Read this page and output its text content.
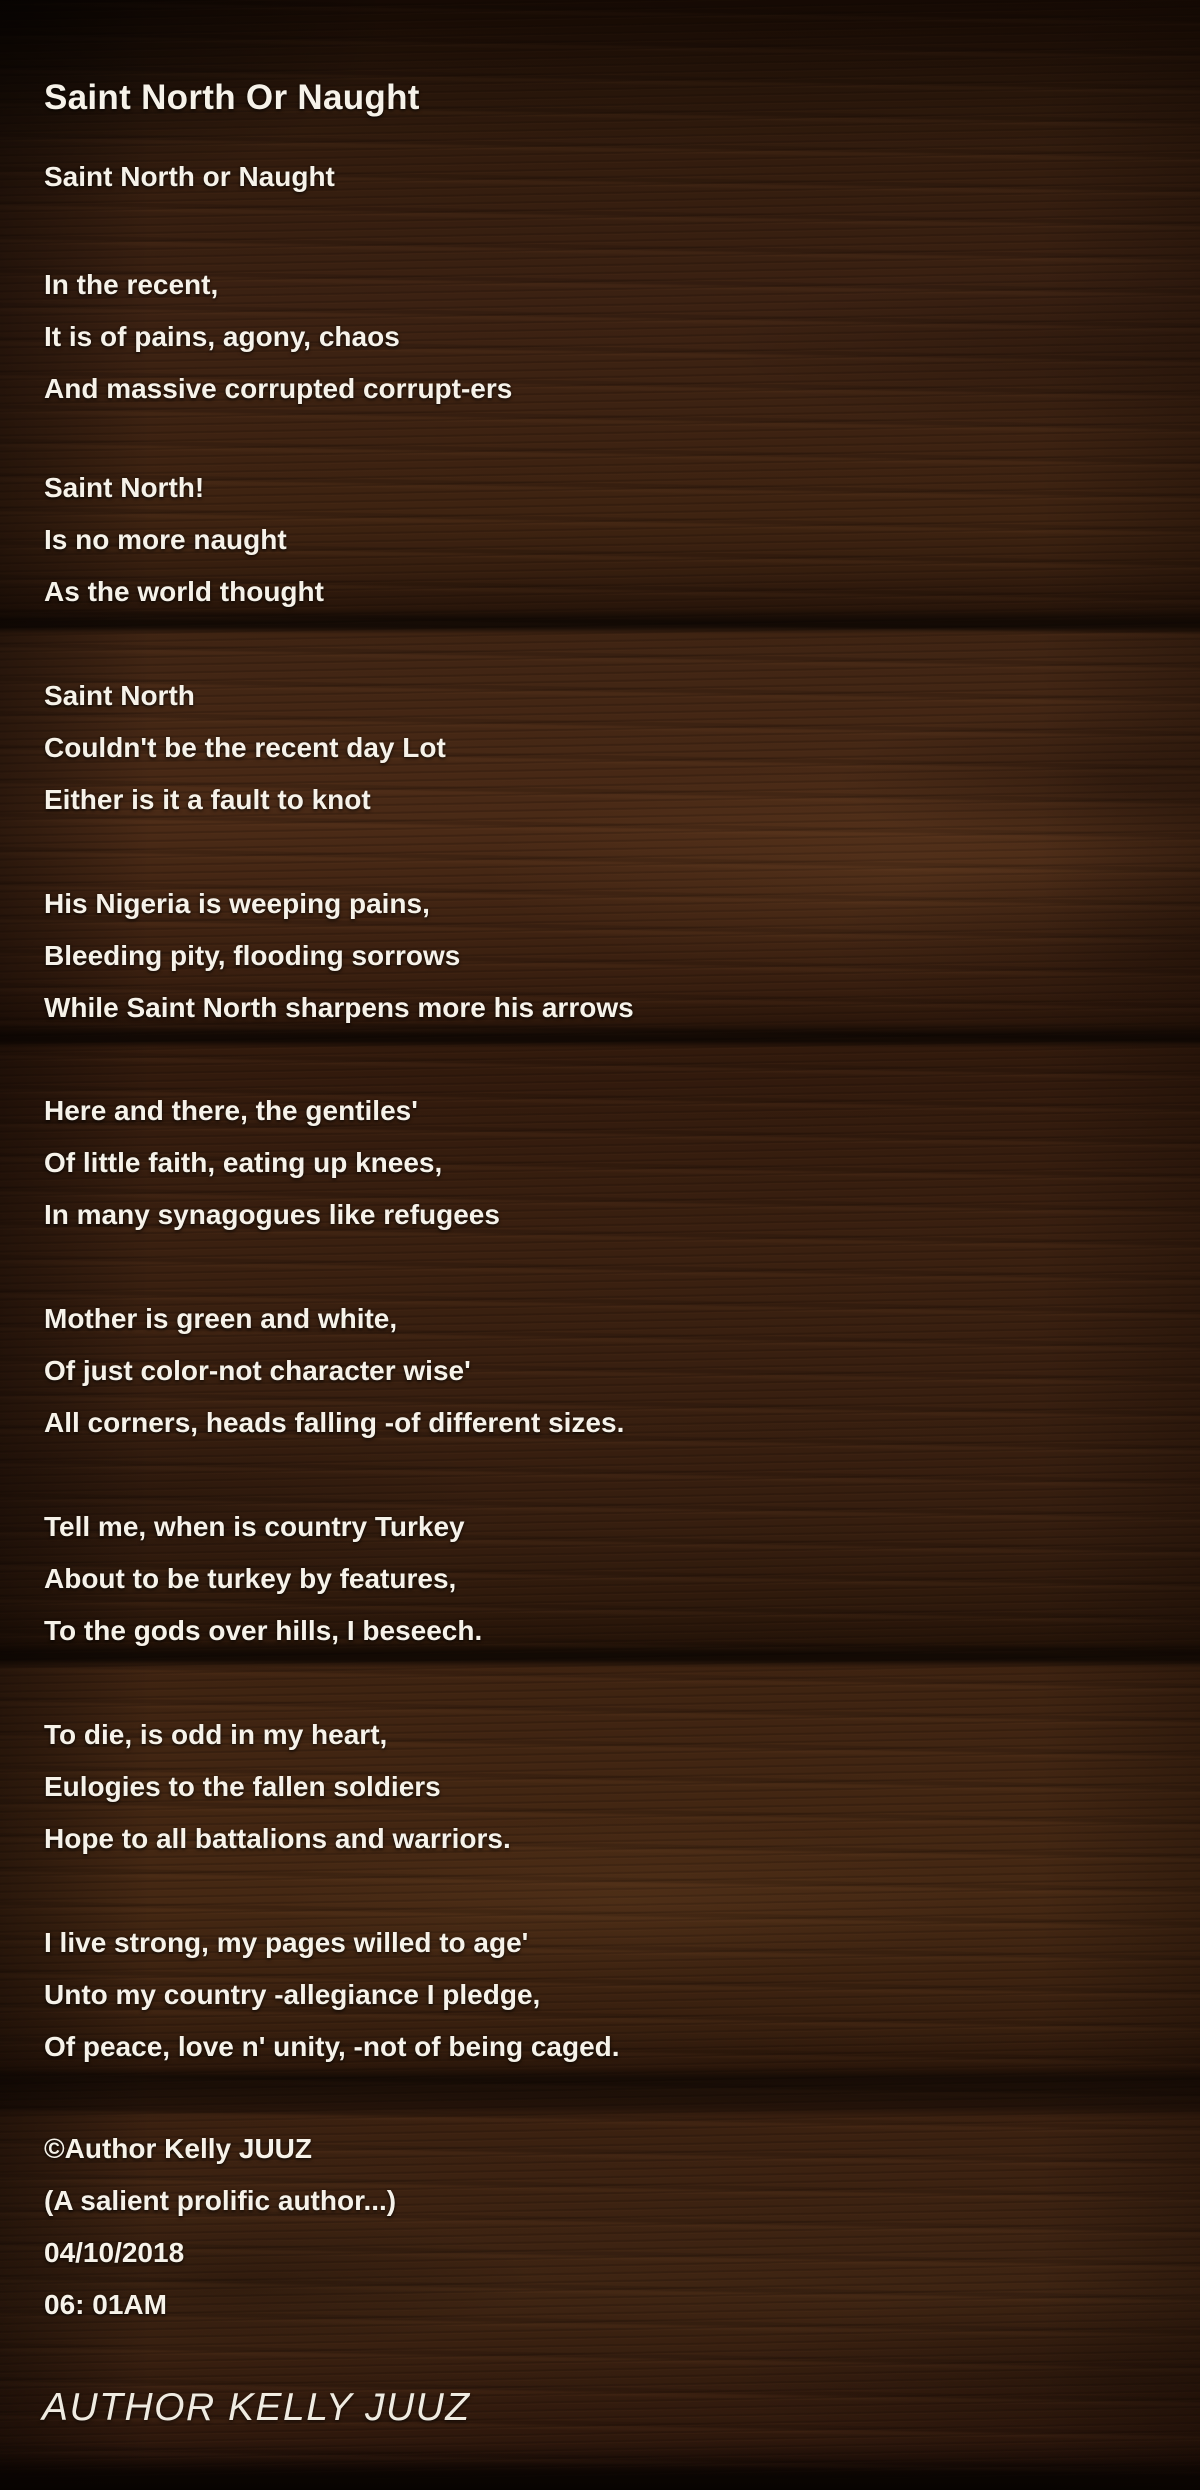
Saint North Or Naught
Saint North or Naught
In the recent,
It is of pains, agony, chaos
And massive corrupted corrupt-ers
Saint North!
Is no more naught
As the world thought
Saint North
Couldn't be the recent day Lot
Either is it a fault to knot
His Nigeria is weeping pains,
Bleeding pity, flooding sorrows
While Saint North sharpens more his arrows
Here and there, the gentiles'
Of little faith, eating up knees,
In many synagogues like refugees
Mother is green and white,
Of just color-not character wise'
All corners, heads falling -of different sizes.
Tell me, when is country Turkey
About to be turkey by features,
To the gods over hills, I beseech.
To die, is odd in my heart,
Eulogies to the fallen soldiers
Hope to all battalions and warriors.
I live strong, my pages willed to age'
Unto my country -allegiance I pledge,
Of peace, love n' unity, -not of being caged.
©Author Kelly JUUZ
(A salient prolific author...)
04/10/2018
06: 01AM
AUTHOR KELLY JUUZ
